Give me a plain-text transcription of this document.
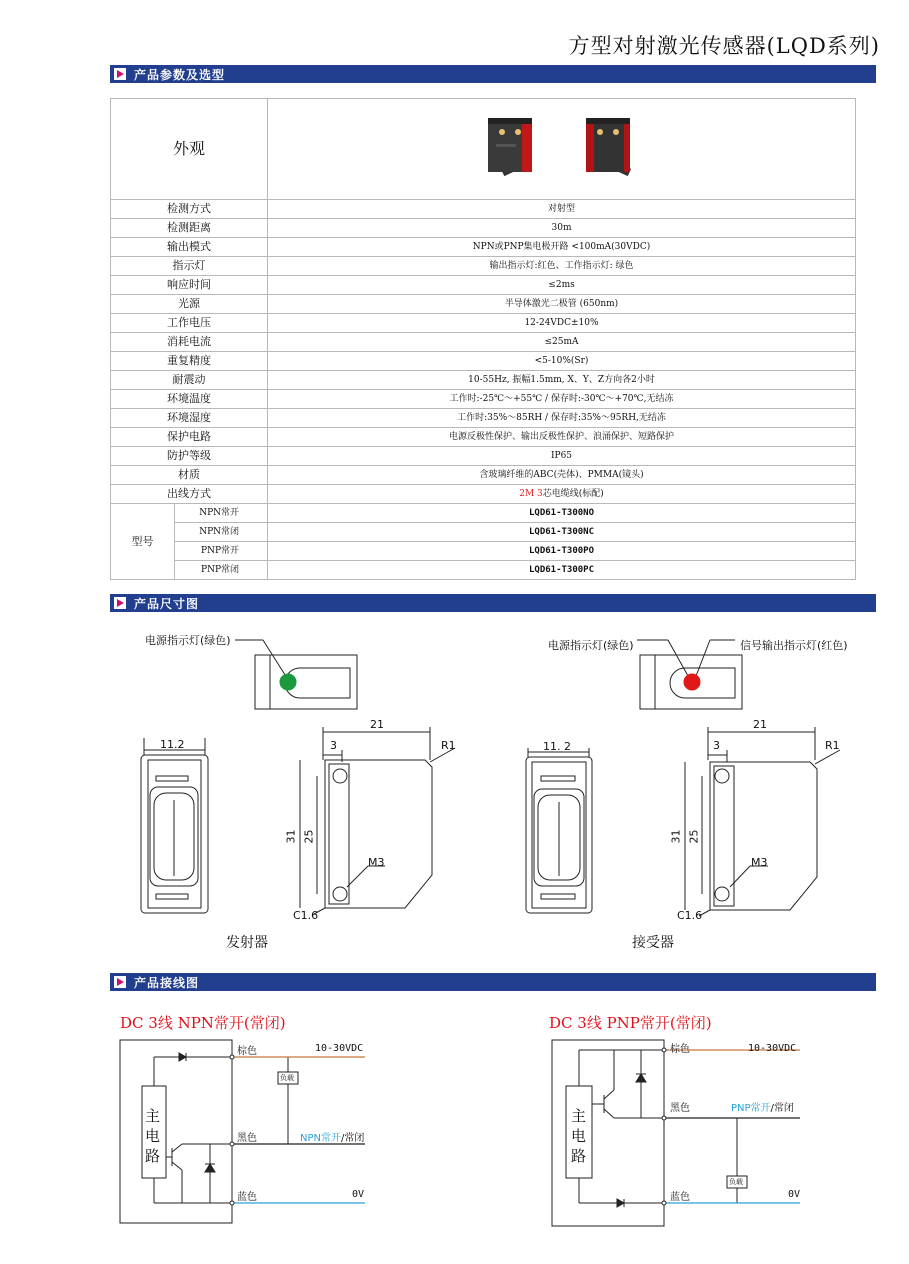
方型对射激光传感器(LQD系列)
产品参数及选型
外观	
检测方式		对射型
检测距离		30m
输出模式		NPN或PNP集电极开路 <100mA(30VDC)
指示灯		输出指示灯:红色、工作指示灯: 绿色
响应时间		≤2ms
光源		半导体激光二极管 (650nm)
工作电压		12-24VDC±10%
消耗电流		≤25mA
重复精度		<5-10%(Sr)
耐震动		10-55Hz, 振幅1.5mm, X、Y、Z方向各2小时
环境温度		工作时:-25℃～+55℃ / 保存时:-30℃～+70℃,无结冻
环境湿度		工作时:35%～85RH / 保存时:35%～95RH,无结冻
保护电路		电源反极性保护、输出反极性保护、浪涌保护、短路保护
防护等级		IP65
材质		含玻璃纤维的ABC(壳体)、PMMA(镜头)
出线方式		2M 3芯电缆线(标配)
型号	NPN常开	LQD61-T300NO
	NPN常闭	LQD61-T300NC
	PNP常开	LQD61-T300PO
	PNP常闭	LQD61-T300PC
产品尺寸图
电源指示灯(绿色)	电源指示灯(绿色)	信号输出指示灯(红色)
11.2	11. 2
21	21
3	3
R1	R1
31 25	31 25
M3	M3
C1.6	C1.6
发射器	接受器
产品接线图
DC 3线 NPN常开(常闭)	DC 3线 PNP常开(常闭)
主电路
棕色
黑色
蓝色
10-30VDC
0V
负载
NPN常开/常闭
主电路
棕色
黑色
蓝色
10-30VDC
0V
负载
PNP常开/常闭
